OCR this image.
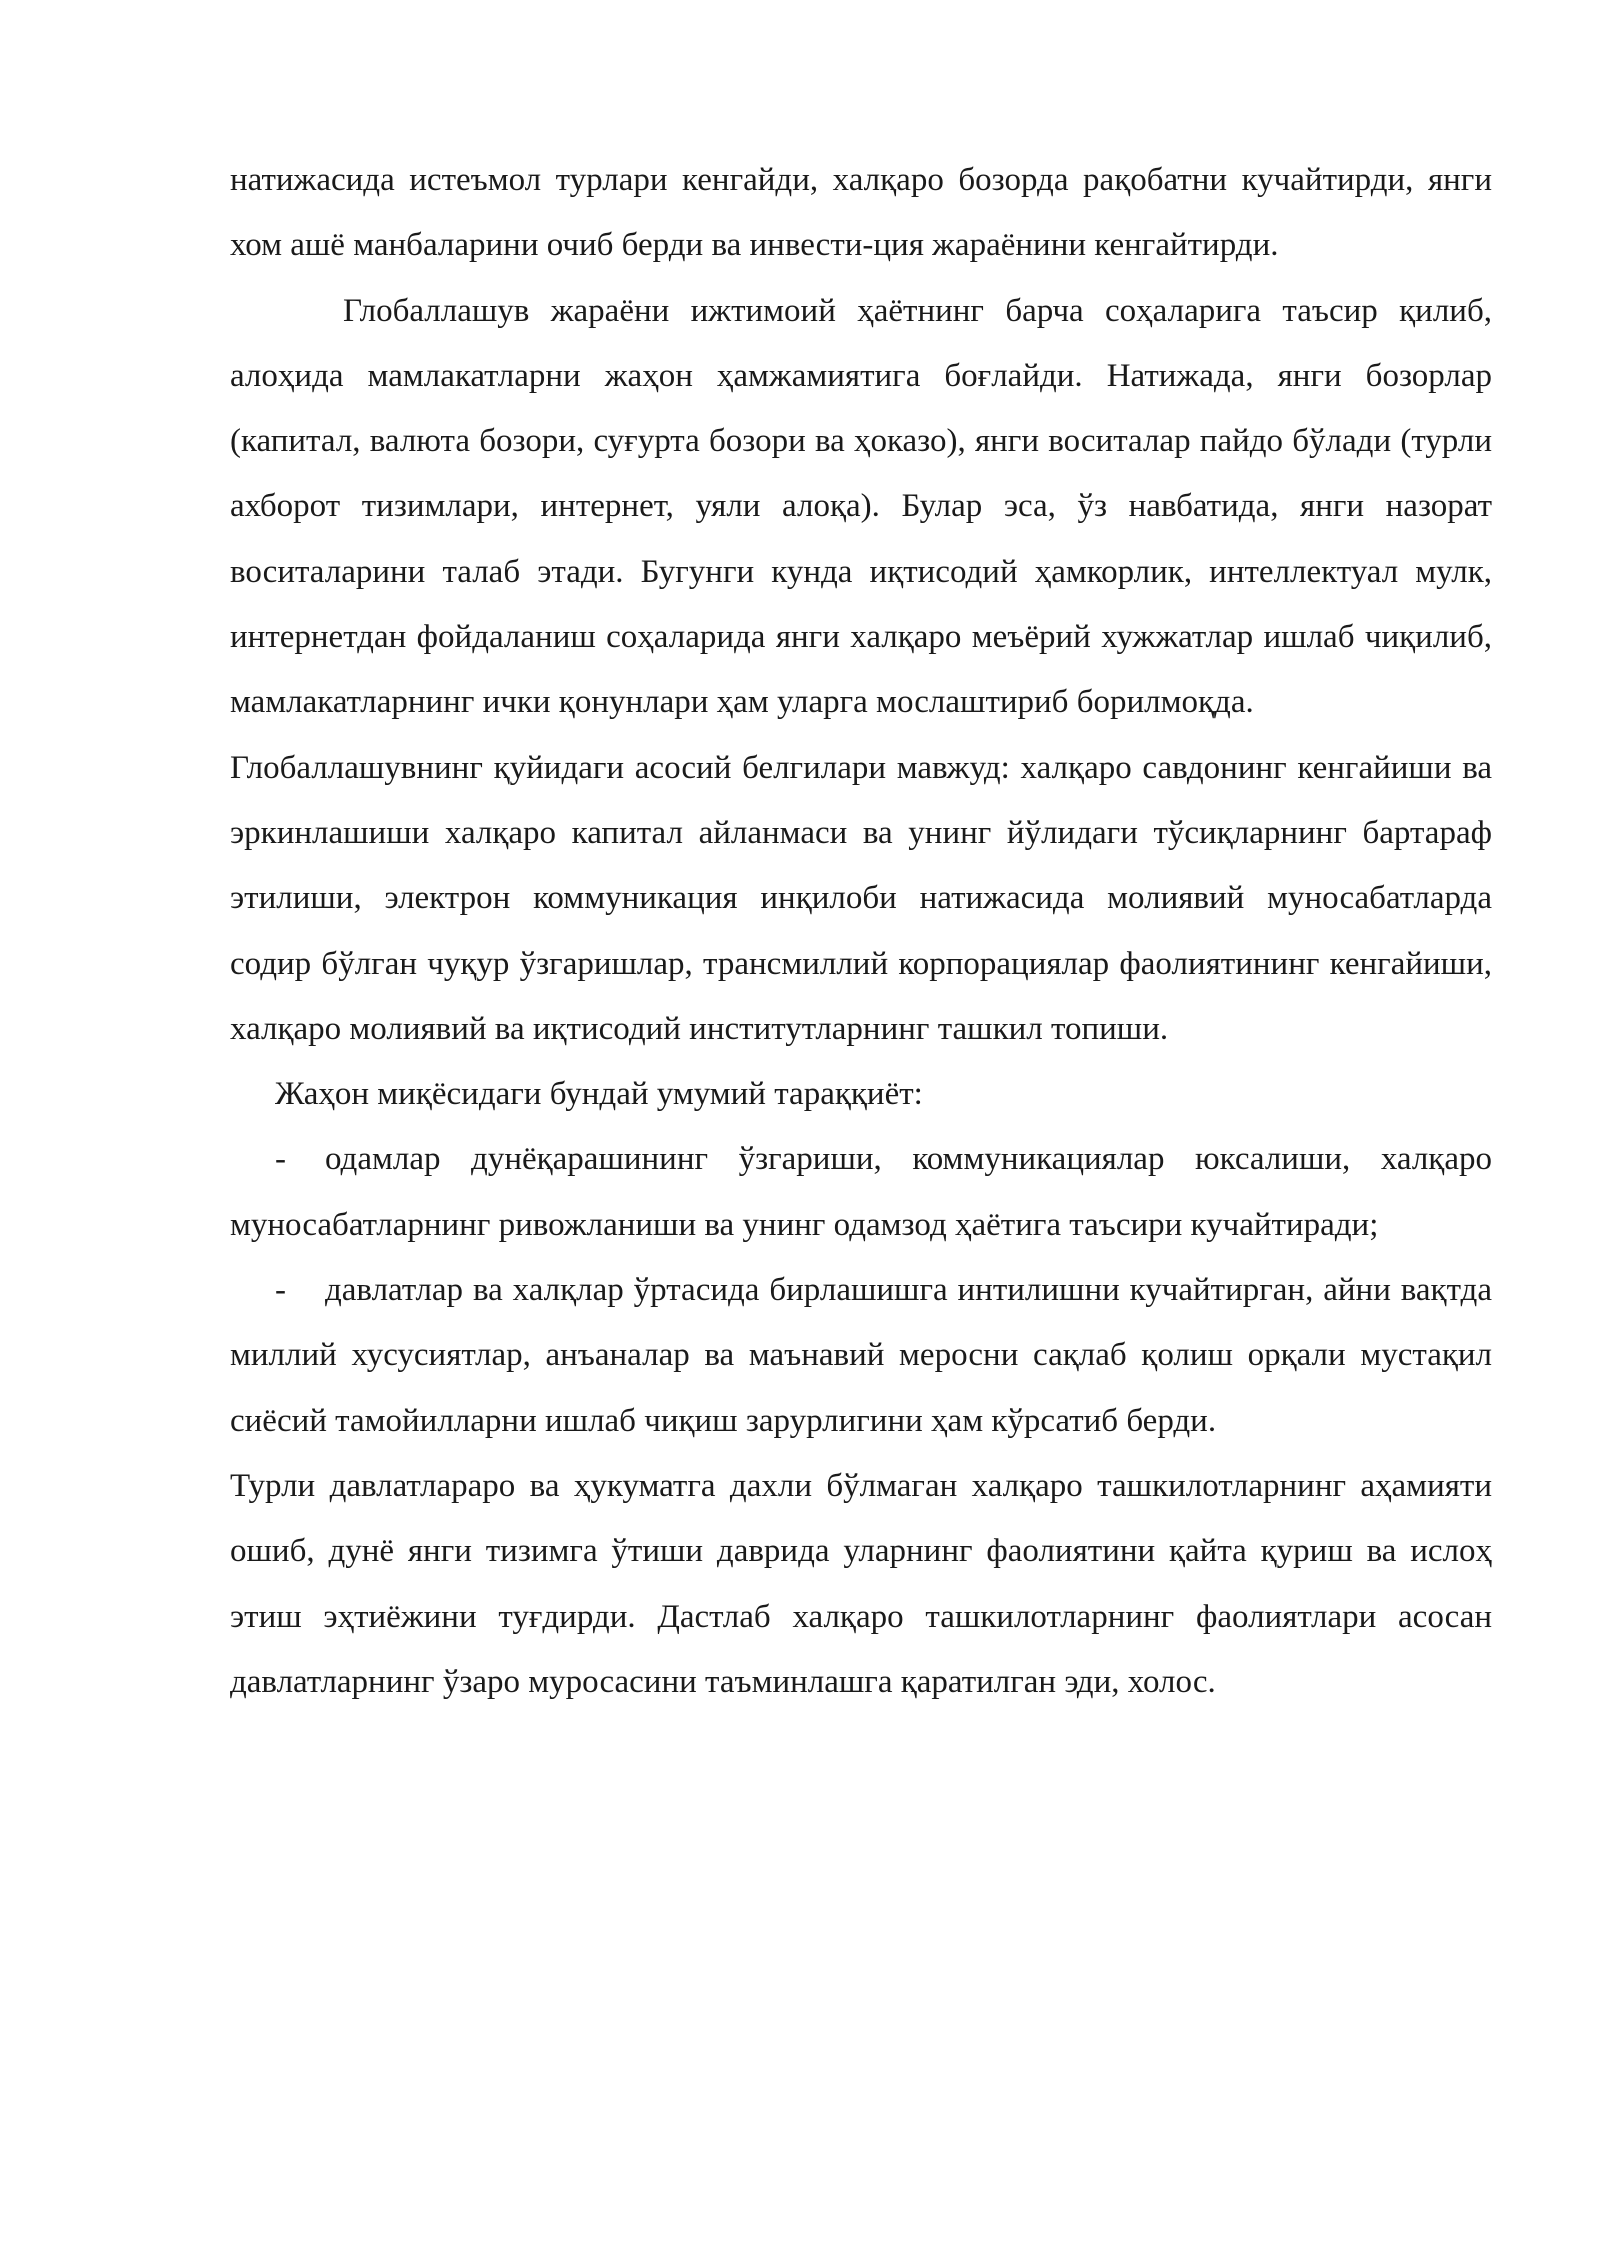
натижасида истеъмол турлари кенгайди, халқаро бозорда рақобатни кучайтирди, янги хом ашё манбаларини очиб берди ва инвести-ция жараёнини кенгайтирди.

Глобаллашув жараёни ижтимоий ҳаётнинг барча соҳаларига таъсир қилиб, алоҳида мамлакатларни жаҳон ҳамжамиятига боғлайди. Натижада, янги бозорлар (капитал, валюта бозори, суғурта бозори ва ҳоказо), янги воситалар пайдо бўлади (турли ахборот тизимлари, интернет, уяли алоқа). Булар эса, ўз навбатида, янги назорат воситаларини талаб этади. Бугунги кунда иқтисодий ҳамкорлик, интеллектуал мулк, интернетдан фойдаланиш соҳаларида янги халқаро меъёрий хужжатлар ишлаб чиқилиб, мамлакатларнинг ички қонунлари ҳам уларга мослаштириб борилмоқда.

Глобаллашувнинг қуйидаги асосий белгилари мавжуд: халқаро савдонинг кенгайиши ва эркинлашиши халқаро капитал айланмаси ва унинг йўлидаги тўсиқларнинг бартараф этилиши, электрон коммуникация инқилоби натижасида молиявий муносабатларда содир бўлган чуқур ўзгаришлар, трансмиллий корпорациялар фаолиятининг кенгайиши, халқаро молиявий ва иқтисодий институтларнинг ташкил топиши.

Жаҳон миқёсидаги бундай умумий тараққиёт:

- одамлар дунёқарашининг ўзгариши, коммуникациялар юксалиши, халқаро муносабатларнинг ривожланиши ва унинг одамзод ҳаётига таъсири кучайтиради;

- давлатлар ва халқлар ўртасида бирлашишга интилишни кучайтирган, айни вақтда миллий хусусиятлар, анъаналар ва маънавий меросни сақлаб қолиш орқали мустақил сиёсий тамойилларни ишлаб чиқиш зарурлигини ҳам кўрсатиб берди.

Турли давлатлараро ва ҳукуматга дахли бўлмаган халқаро ташкилотларнинг аҳамияти ошиб, дунё янги тизимга ўтиши даврида уларнинг фаолиятини қайта қуриш ва ислоҳ этиш эҳтиёжини туғдирди. Дастлаб халқаро ташкилотларнинг фаолиятлари асосан давлатларнинг ўзаро муросасини таъминлашга қаратилган эди, холос.
